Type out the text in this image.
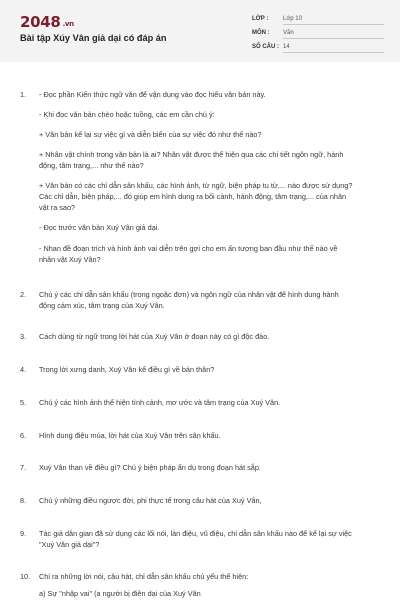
2048 .vn
Bài tập Xúy Vân giả dại có đáp án
LỚP :	Lớp 10
MÔN :	Văn
SỐ CÂU : 14
1. - Đọc phần Kiến thức ngữ văn để vận dụng vào đọc hiểu văn bản này.
- Khi đọc văn bản chèo hoặc tuồng, các em cần chú ý:
+ Văn bản kể lại sự việc gì và diễn biến của sự việc đó như thế nào?
+ Nhân vật chính trong văn bản là ai? Nhân vật được thể hiện qua các chi tiết ngôn ngữ, hành
động, tâm trạng,... như thế nào?
+ Văn bản có các chỉ dẫn sân khấu, các hình ảnh, từ ngữ, biện pháp tu từ,... nào được sử dụng?
Các chỉ dẫn, biện pháp,... đó giúp em hình dung ra bối cảnh, hành động, tâm trạng,... của nhân
vật ra sao?
- Đọc trước văn bản Xuý Vân giả dại.
- Nhan đề đoạn trích và hình ảnh vai diễn trên gợi cho em ấn tượng ban đầu như thế nào về
nhân vật Xuý Vân?
2. Chú ý các chỉ dẫn sân khấu (trong ngoặc đơn) và ngôn ngữ của nhân vật để hình dung hành
động cảm xúc, tâm trạng của Xuý Vân.
3. Cách dùng từ ngữ trong lời hát của Xuý Vân ở đoạn này có gì độc đáo.
4. Trong lời xưng danh, Xuý Vân kể điều gì về bản thân?
5. Chú ý các hình ảnh thể hiện tình cảnh, mơ ước và tâm trạng của Xuý Vân.
6. Hình dung điệu múa, lời hát của Xuý Vân trên sân khấu.
7. Xuý Vân than về điều gì? Chú ý biện pháp ẩn dụ trong đoạn hát sắp.
8. Chú ý những điều ngược đời, phi thực tế trong câu hát của Xuý Vân,
9. Tác giả dân gian đã sử dụng các lối nói, làn điệu, vũ điệu, chỉ dẫn sân khấu nào để kể lại sự việc
"Xuý Vân giả dại"?
10. Chỉ ra những lời nói, câu hát, chỉ dẫn sân khấu chủ yếu thể hiện:
a) Sự "nhập vai" (a người bị điên dại của Xuý Vân
